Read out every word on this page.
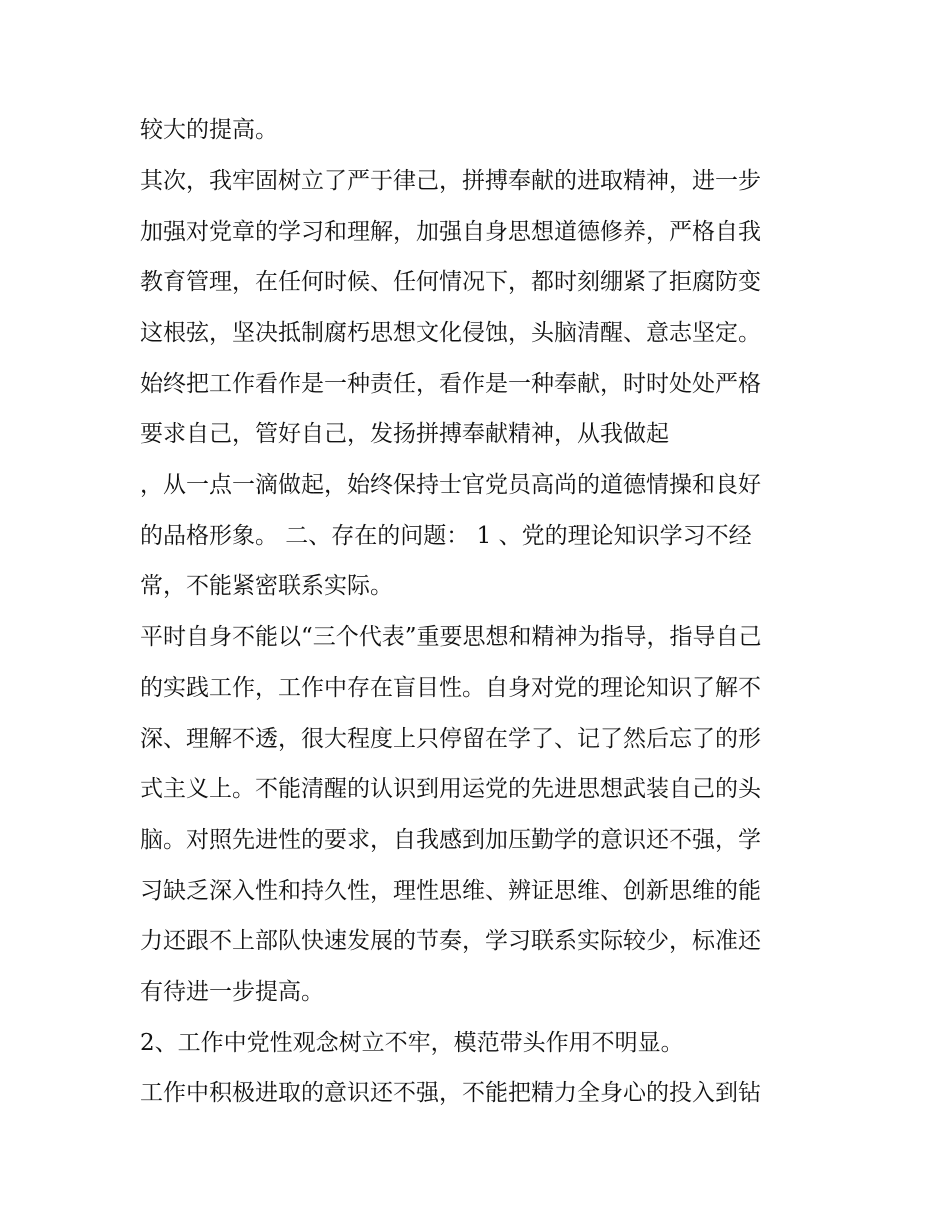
较大的提高。
其次，我牢固树立了严于律己，拼搏奉献的进取精神，进一步
加强对党章的学习和理解，加强自身思想道德修养，严格自我
教育管理，在任何时候、任何情况下，都时刻绷紧了拒腐防变
这根弦，坚决抵制腐朽思想文化侵蚀，头脑清醒、意志坚定。
始终把工作看作是一种责任，看作是一种奉献，时时处处严格
要求自己，管好自己，发扬拼搏奉献精神，从我做起
，从一点一滴做起，始终保持士官党员高尚的道德情操和良好
的品格形象。 二、存在的问题： 1 、党的理论知识学习不经
常，不能紧密联系实际。
平时自身不能以“三个代表”重要思想和精神为指导，指导自己
的实践工作，工作中存在盲目性。自身对党的理论知识了解不
深、理解不透，很大程度上只停留在学了、记了然后忘了的形
式主义上。不能清醒的认识到用运党的先进思想武装自己的头
脑。对照先进性的要求，自我感到加压勤学的意识还不强，学
习缺乏深入性和持久性，理性思维、辨证思维、创新思维的能
力还跟不上部队快速发展的节奏，学习联系实际较少，标准还
有待进一步提高。
2、工作中党性观念树立不牢，模范带头作用不明显。
工作中积极进取的意识还不强，不能把精力全身心的投入到钻
